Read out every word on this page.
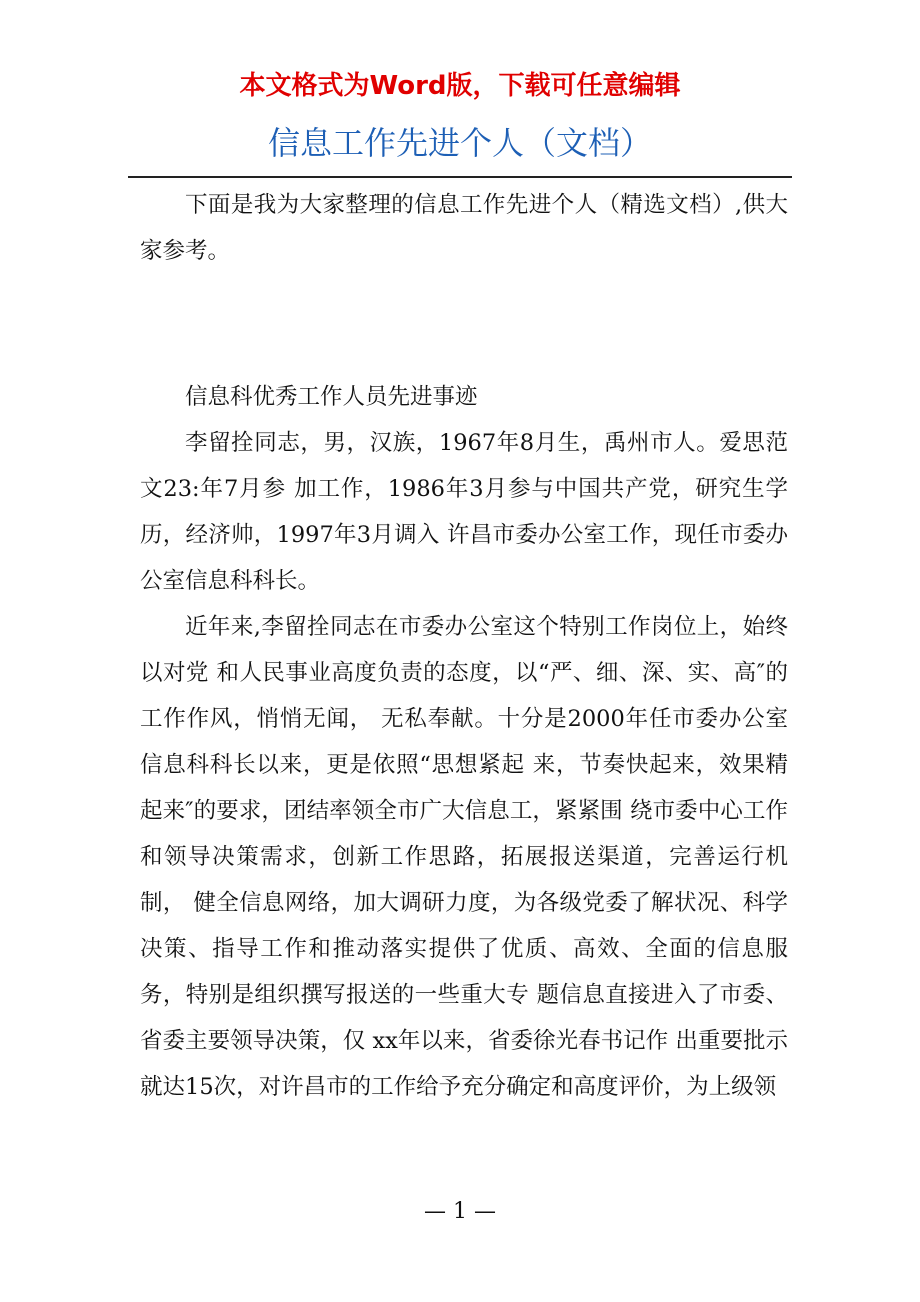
本文格式为Word版，下载可任意编辑
信息工作先进个人（文档）

下面是我为大家整理的信息工作先进个人（精选文档）,供大家参考。

信息科优秀工作人员先进事迹

李留拴同志，男，汉族，1967年8月生，禹州市人。爱思范文23:年7月参 加工作，1986年3月参与中国共产党，研究生学历，经济帅，1997年3月调入 许昌市委办公室工作，现任市委办公室信息科科长。

近年来,李留拴同志在市委办公室这个特别工作岗位上，始终以对党 和人民事业高度负责的态度，以“严、细、深、实、高″的工作作风，悄悄无闻， 无私奉献。十分是2000年任市委办公室信息科科长以来，更是依照“思想紧起 来，节奏快起来，效果精起来″的要求，团结率领全市广大信息工，紧紧围 绕市委中心工作和领导决策需求，创新工作思路，拓展报送渠道，完善运行机制， 健全信息网络，加大调研力度，为各级党委了解状况、科学决策、指导工作和推动落实提供了优质、高效、全面的信息服务，特别是组织撰写报送的一些重大专 题信息直接进入了市委、省委主要领导决策，仅 xx年以来，省委徐光春书记作 出重要批示就达15次，对许昌市的工作给予充分确定和高度评价，为上级领

— 1 —
